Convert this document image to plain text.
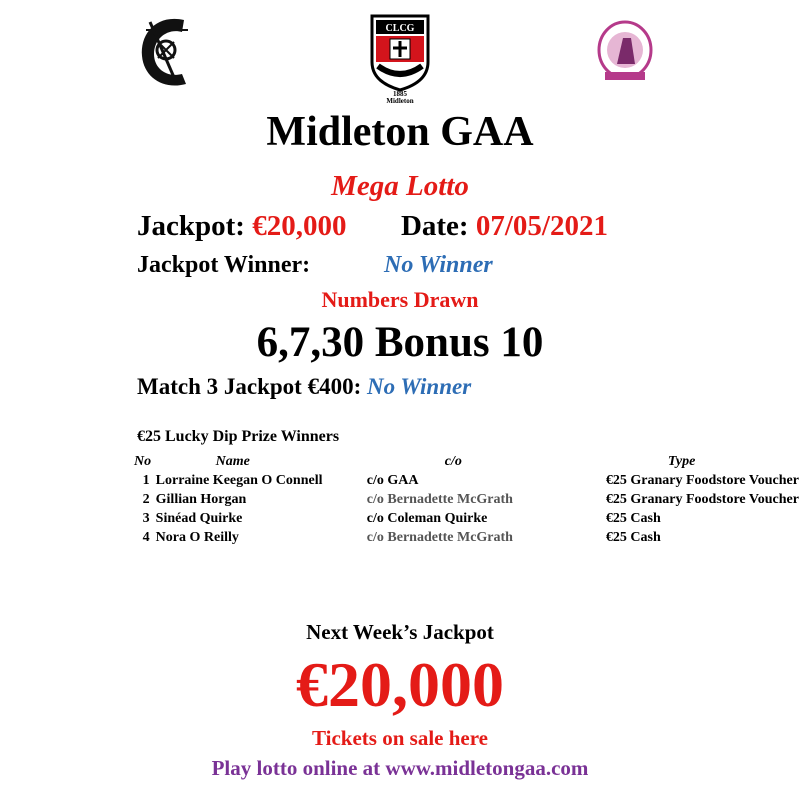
CLCG
1885
Midleton
Midleton GAA
Mega Lotto
Jackpot: €20,000 Date: 07/05/2021
Jackpot Winner:	No Winner
Numbers Drawn
6,7,30 Bonus 10
Match 3 Jackpot €400: No Winner
€25 Lucky Dip Prize Winners
No	Name	c/o	Type
1	Lorraine Keegan O Connell	c/o GAA	€25 Granary Foodstore Voucher
2	Gillian Horgan	c/o Bernadette McGrath	€25 Granary Foodstore Voucher
3	Sinéad Quirke	c/o Coleman Quirke	€25 Cash
4	Nora O Reilly	c/o Bernadette McGrath	€25 Cash
Next Week’s Jackpot
€20,000
Tickets on sale here
Play lotto online at www.midletongaa.com
